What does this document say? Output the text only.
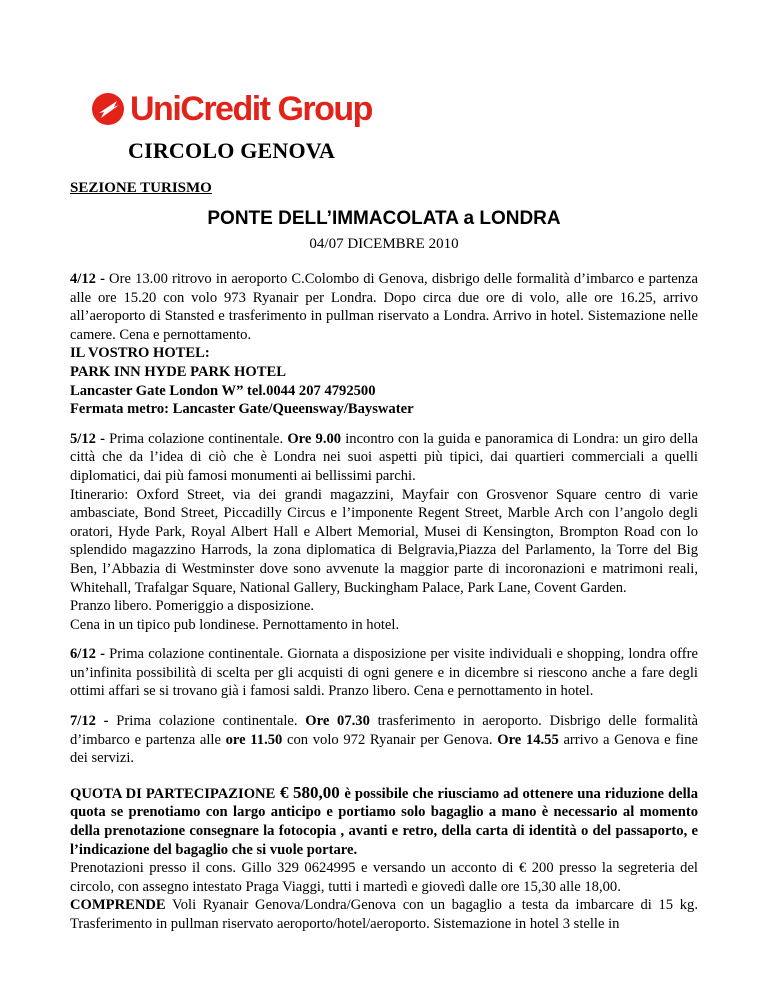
UniCredit Group
CIRCOLO GENOVA
SEZIONE TURISMO
PONTE DELL’IMMACOLATA a LONDRA
04/07 DICEMBRE 2010

4/12 - Ore 13.00 ritrovo in aeroporto C.Colombo di Genova, disbrigo delle formalità d’imbarco e partenza alle ore 15.20 con volo 973 Ryanair per Londra. Dopo circa due ore di volo, alle ore 16.25, arrivo all’aeroporto di Stansted e trasferimento in pullman riservato a Londra. Arrivo in hotel. Sistemazione nelle camere. Cena e pernottamento.

IL VOSTRO HOTEL:

PARK INN HYDE PARK HOTEL

Lancaster Gate London W” tel.0044 207 4792500

Fermata metro: Lancaster Gate/Queensway/Bayswater

5/12 - Prima colazione continentale. Ore 9.00 incontro con la guida e panoramica di Londra: un giro della città che da l’idea di ciò che è Londra nei suoi aspetti più tipici, dai quartieri commerciali a quelli diplomatici, dai più famosi monumenti ai bellissimi parchi.

Itinerario: Oxford Street, via dei grandi magazzini, Mayfair con Grosvenor Square centro di varie ambasciate, Bond Street, Piccadilly Circus e l’imponente Regent Street, Marble Arch con l’angolo degli oratori, Hyde Park, Royal Albert Hall e Albert Memorial, Musei di Kensington, Brompton Road con lo splendido magazzino Harrods, la zona diplomatica di Belgravia,Piazza del Parlamento, la Torre del Big Ben, l’Abbazia di Westminster dove sono avvenute la maggior parte di incoronazioni e matrimoni reali, Whitehall, Trafalgar Square, National Gallery, Buckingham Palace, Park Lane, Covent Garden.

Pranzo libero. Pomeriggio a disposizione.

Cena in un tipico pub londinese. Pernottamento in hotel.

6/12 - Prima colazione continentale. Giornata a disposizione per visite individuali e shopping, londra offre un’infinita possibilità di scelta per gli acquisti di ogni genere e in dicembre si riescono anche a fare degli ottimi affari se si trovano già i famosi saldi. Pranzo libero. Cena e pernottamento in hotel.

7/12 - Prima colazione continentale. Ore 07.30 trasferimento in aeroporto. Disbrigo delle formalità d’imbarco e partenza alle ore 11.50 con volo 972 Ryanair per Genova. Ore 14.55 arrivo a Genova e fine dei servizi.

QUOTA DI PARTECIPAZIONE € 580,00 è possibile che riusciamo ad ottenere una riduzione della quota se prenotiamo con largo anticipo e portiamo solo bagaglio a mano è necessario al momento della prenotazione consegnare la fotocopia , avanti e retro, della carta di identità o del passaporto, e l’indicazione del bagaglio che si vuole portare.

Prenotazioni presso il cons. Gillo 329 0624995 e versando un acconto di € 200 presso la segreteria del circolo, con assegno intestato Praga Viaggi, tutti i martedì e giovedì dalle ore 15,30 alle 18,00.

COMPRENDE Voli Ryanair Genova/Londra/Genova con un bagaglio a testa da imbarcare di 15 kg. Trasferimento in pullman riservato aeroporto/hotel/aeroporto. Sistemazione in hotel 3 stelle in
